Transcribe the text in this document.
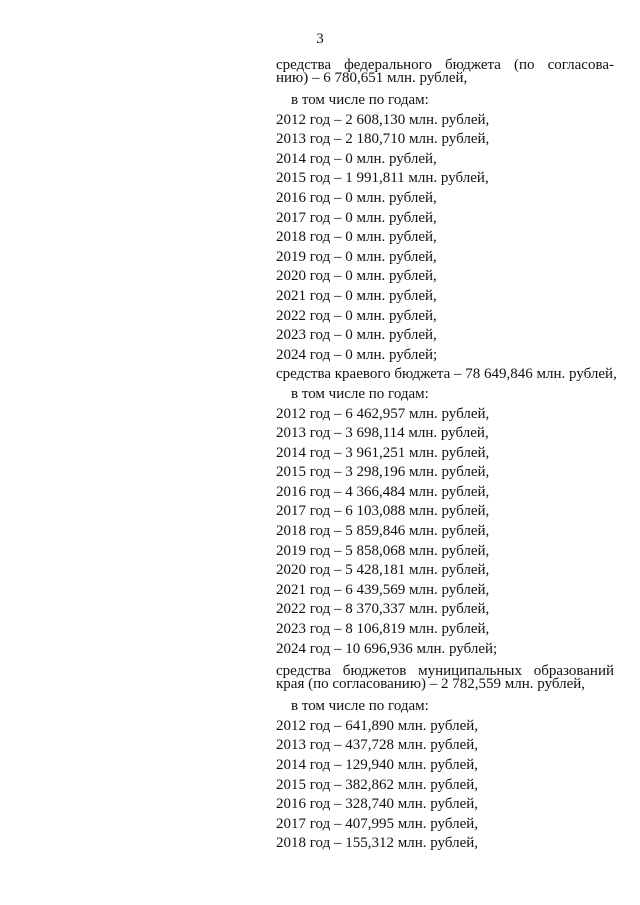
3
средства федерального бюджета (по согласова-
нию) – 6 780,651 млн. рублей,
в том числе по годам:
2012 год – 2 608,130 млн. рублей,
2013 год – 2 180,710 млн. рублей,
2014 год – 0 млн. рублей,
2015 год – 1 991,811 млн. рублей,
2016 год – 0 млн. рублей,
2017 год – 0 млн. рублей,
2018 год – 0 млн. рублей,
2019 год – 0 млн. рублей,
2020 год – 0 млн. рублей,
2021 год – 0 млн. рублей,
2022 год – 0 млн. рублей,
2023 год – 0 млн. рублей,
2024 год – 0 млн. рублей;
средства краевого бюджета – 78 649,846 млн. рублей,
в том числе по годам:
2012 год – 6 462,957 млн. рублей,
2013 год – 3 698,114 млн. рублей,
2014 год – 3 961,251 млн. рублей,
2015 год – 3 298,196 млн. рублей,
2016 год – 4 366,484 млн. рублей,
2017 год – 6 103,088 млн. рублей,
2018 год – 5 859,846 млн. рублей,
2019 год – 5 858,068 млн. рублей,
2020 год – 5 428,181 млн. рублей,
2021 год – 6 439,569 млн. рублей,
2022 год – 8 370,337 млн. рублей,
2023 год – 8 106,819 млн. рублей,
2024 год – 10 696,936 млн. рублей;
средства бюджетов муниципальных образований
края (по согласованию) – 2 782,559 млн. рублей,
в том числе по годам:
2012 год – 641,890 млн. рублей,
2013 год – 437,728 млн. рублей,
2014 год – 129,940 млн. рублей,
2015 год – 382,862 млн. рублей,
2016 год – 328,740 млн. рублей,
2017 год – 407,995 млн. рублей,
2018 год – 155,312 млн. рублей,
